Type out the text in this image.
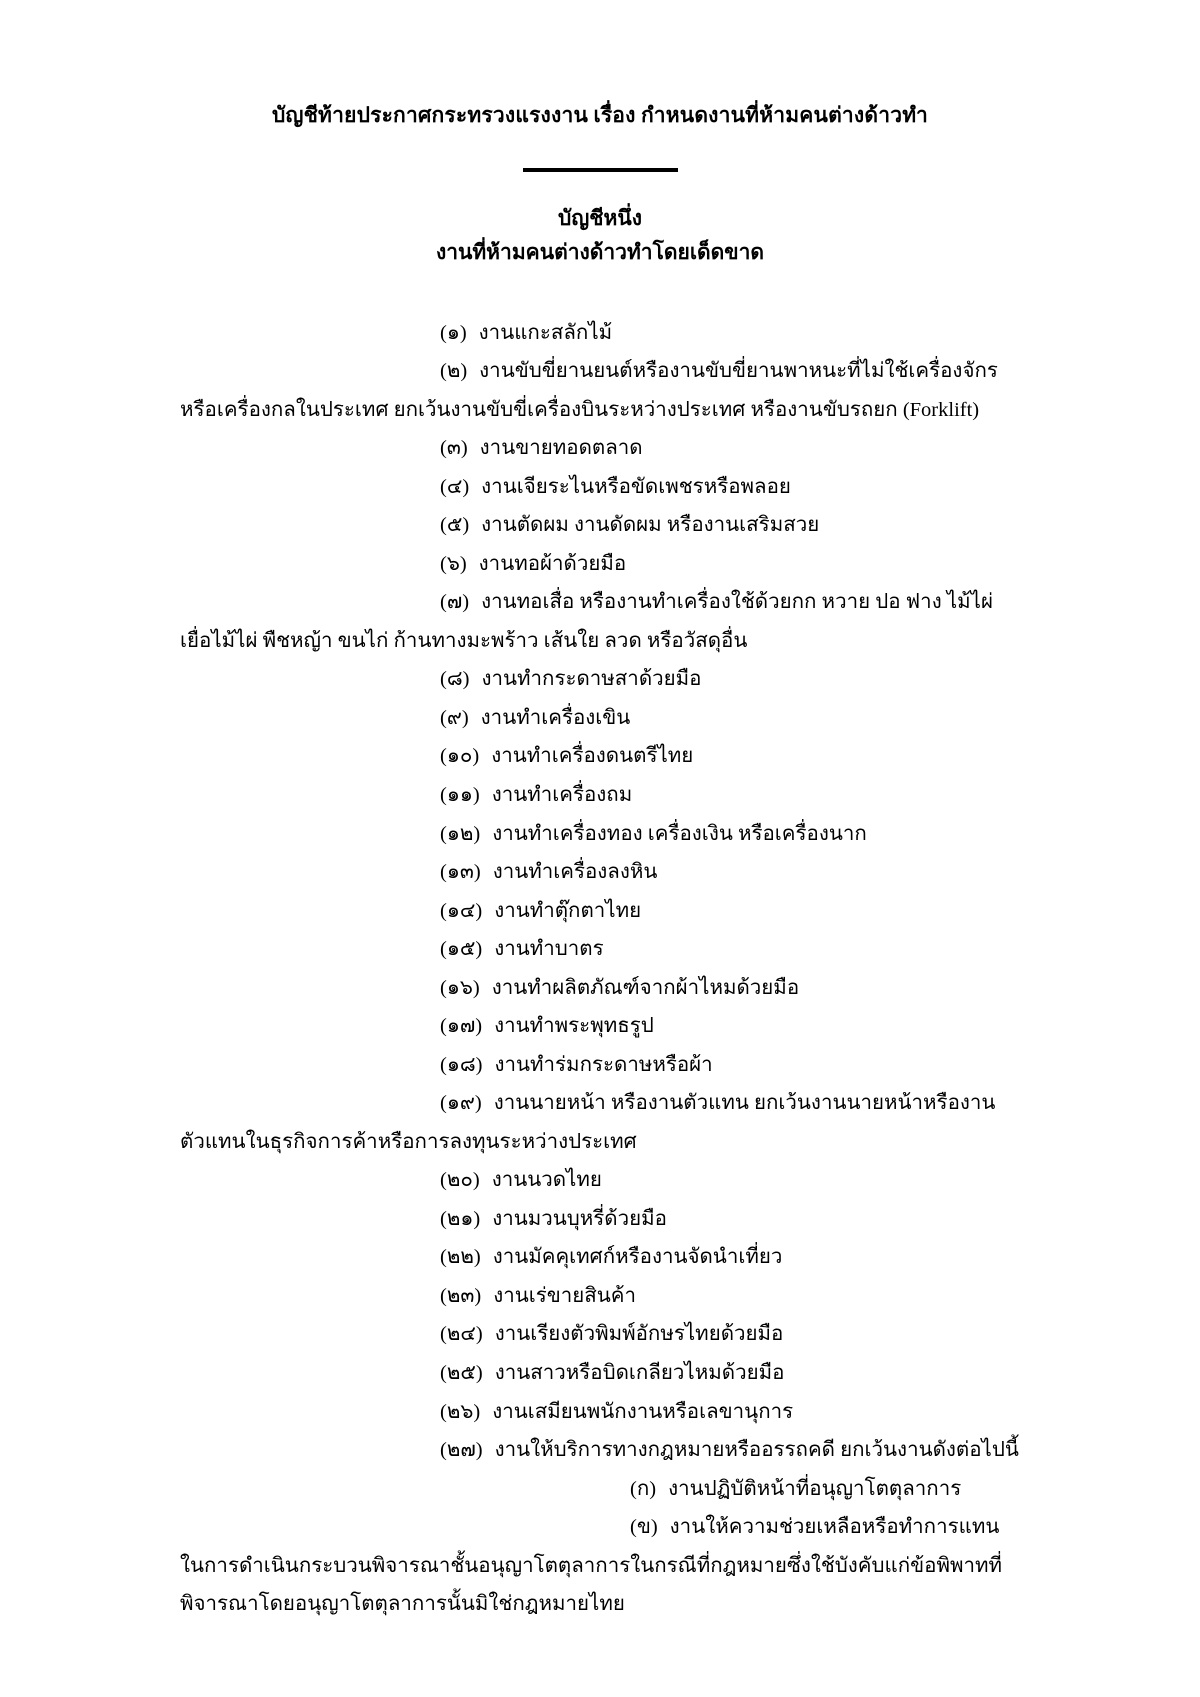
บัญชีท้ายประกาศกระทรวงแรงงาน เรื่อง กำหนดงานที่ห้ามคนต่างด้าวทำ
บัญชีหนึ่ง
งานที่ห้ามคนต่างด้าวทำโดยเด็ดขาด

(๑) งานแกะสลักไม้

(๒) งานขับขี่ยานยนต์หรืองานขับขี่ยานพาหนะที่ไม่ใช้เครื่องจักรหรือเครื่องกลในประเทศ ยกเว้นงานขับขี่เครื่องบินระหว่างประเทศ หรืองานขับรถยก (Forklift)

(๓) งานขายทอดตลาด

(๔) งานเจียระไนหรือขัดเพชรหรือพลอย

(๕) งานตัดผม งานดัดผม หรืองานเสริมสวย

(๖) งานทอผ้าด้วยมือ

(๗) งานทอเสื่อ หรืองานทำเครื่องใช้ด้วยกก หวาย ปอ ฟาง ไม้ไผ่ เยื่อไม้ไผ่ พืชหญ้า ขนไก่ ก้านทางมะพร้าว เส้นใย ลวด หรือวัสดุอื่น

(๘) งานทำกระดาษสาด้วยมือ

(๙) งานทำเครื่องเขิน

(๑๐) งานทำเครื่องดนตรีไทย

(๑๑) งานทำเครื่องถม

(๑๒) งานทำเครื่องทอง เครื่องเงิน หรือเครื่องนาก

(๑๓) งานทำเครื่องลงหิน

(๑๔) งานทำตุ๊กตาไทย

(๑๕) งานทำบาตร

(๑๖) งานทำผลิตภัณฑ์จากผ้าไหมด้วยมือ

(๑๗) งานทำพระพุทธรูป

(๑๘) งานทำร่มกระดาษหรือผ้า

(๑๙) งานนายหน้า หรืองานตัวแทน ยกเว้นงานนายหน้าหรืองานตัวแทนในธุรกิจการค้าหรือการลงทุนระหว่างประเทศ

(๒๐) งานนวดไทย

(๒๑) งานมวนบุหรี่ด้วยมือ

(๒๒) งานมัคคุเทศก์หรืองานจัดนำเที่ยว

(๒๓) งานเร่ขายสินค้า

(๒๔) งานเรียงตัวพิมพ์อักษรไทยด้วยมือ

(๒๕) งานสาวหรือบิดเกลียวไหมด้วยมือ

(๒๖) งานเสมียนพนักงานหรือเลขานุการ

(๒๗) งานให้บริการทางกฎหมายหรืออรรถคดี ยกเว้นงานดังต่อไปนี้

(ก) งานปฏิบัติหน้าที่อนุญาโตตุลาการ

(ข) งานให้ความช่วยเหลือหรือทำการแทนในการดำเนินกระบวนพิจารณาชั้นอนุญาโตตุลาการในกรณีที่กฎหมายซึ่งใช้บังคับแก่ข้อพิพาทที่พิจารณาโดยอนุญาโตตุลาการนั้นมิใช่กฎหมายไทย
